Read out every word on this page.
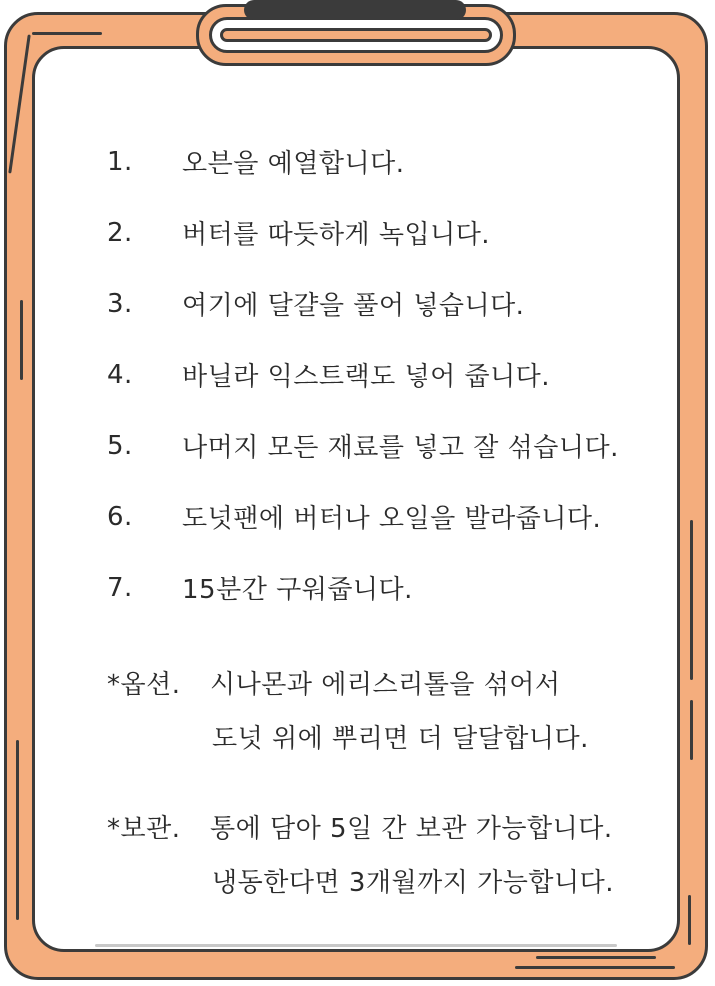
1.	오븐을 예열합니다.
2.	버터를 따듯하게 녹입니다.
3.	여기에 달걀을 풀어 넣습니다.
4.	바닐라 익스트랙도 넣어 줍니다.
5.	나머지 모든 재료를 넣고 잘 섞습니다.
6.	도넛팬에 버터나 오일을 발라줍니다.
7.	15분간 구워줍니다.
*옵션.	시나몬과 에리스리톨을 섞어서
도넛 위에 뿌리면 더 달달합니다.
*보관.	통에 담아 5일 간 보관 가능합니다.
냉동한다면 3개월까지 가능합니다.
